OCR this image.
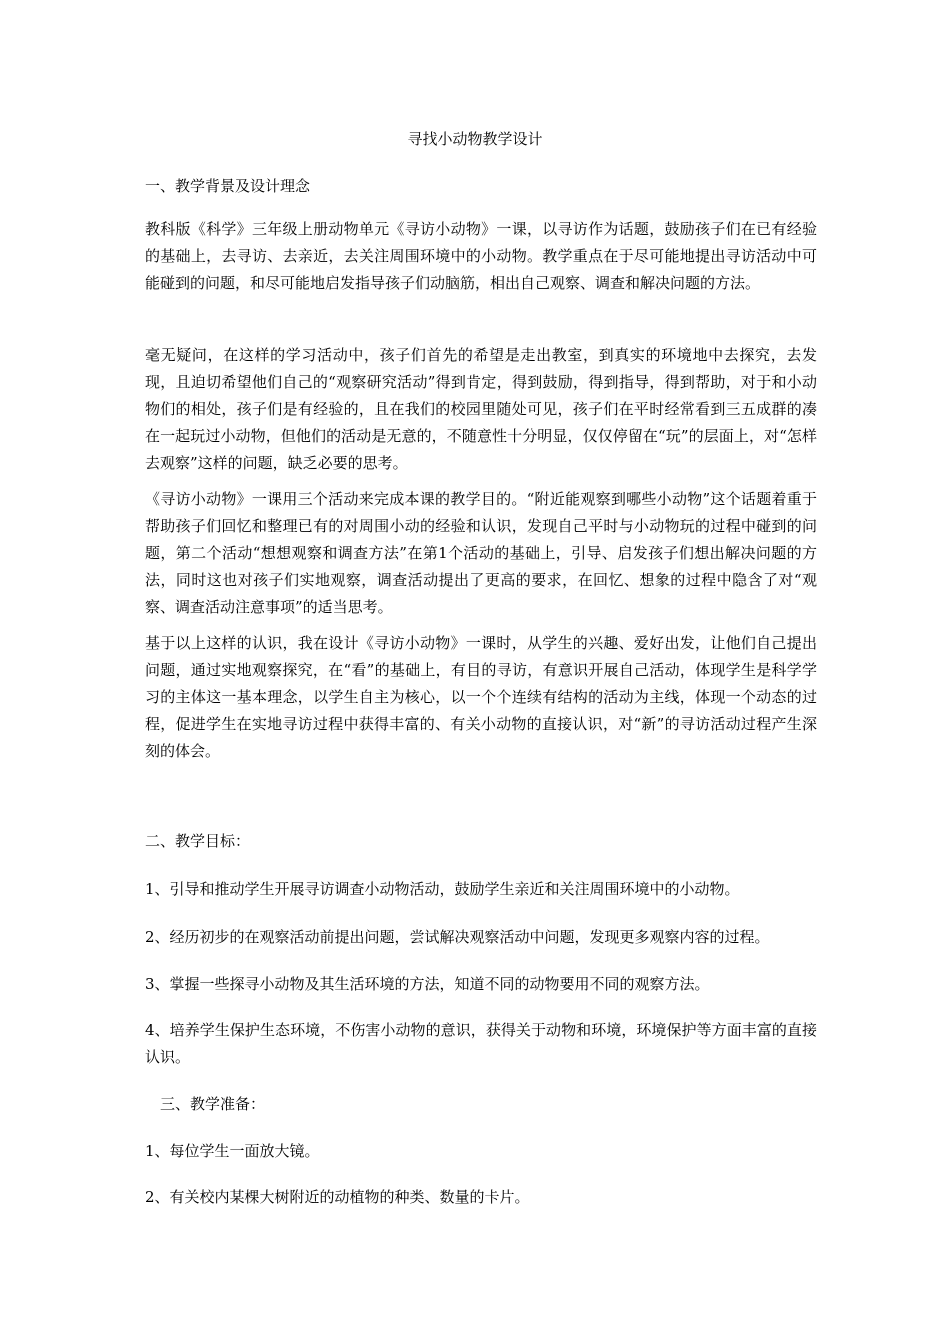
寻找小动物教学设计

一、教学背景及设计理念

教科版《科学》三年级上册动物单元《寻访小动物》一课，以寻访作为话题，鼓励孩子们在已有经验的基础上，去寻访、去亲近，去关注周围环境中的小动物。教学重点在于尽可能地提出寻访活动中可能碰到的问题，和尽可能地启发指导孩子们动脑筋，相出自己观察、调查和解决问题的方法。

毫无疑问，在这样的学习活动中，孩子们首先的希望是走出教室，到真实的环境地中去探究，去发现，且迫切希望他们自己的“观察研究活动”得到肯定，得到鼓励，得到指导，得到帮助，对于和小动物们的相处，孩子们是有经验的，且在我们的校园里随处可见，孩子们在平时经常看到三五成群的凑在一起玩过小动物，但他们的活动是无意的，不随意性十分明显，仅仅停留在“玩”的层面上，对“怎样去观察”这样的问题，缺乏必要的思考。

《寻访小动物》一课用三个活动来完成本课的教学目的。“附近能观察到哪些小动物”这个话题着重于帮助孩子们回忆和整理已有的对周围小动的经验和认识，发现自己平时与小动物玩的过程中碰到的问题，第二个活动“想想观察和调查方法”在第1个活动的基础上，引导、启发孩子们想出解决问题的方法，同时这也对孩子们实地观察，调查活动提出了更高的要求，在回忆、想象的过程中隐含了对“观察、调查活动注意事项”的适当思考。

基于以上这样的认识，我在设计《寻访小动物》一课时，从学生的兴趣、爱好出发，让他们自己提出问题，通过实地观察探究，在“看”的基础上，有目的寻访，有意识开展自己活动，体现学生是科学学习的主体这一基本理念，以学生自主为核心，以一个个连续有结构的活动为主线，体现一个动态的过程，促进学生在实地寻访过程中获得丰富的、有关小动物的直接认识，对“新”的寻访活动过程产生深刻的体会。

二、教学目标：

1、引导和推动学生开展寻访调查小动物活动，鼓励学生亲近和关注周围环境中的小动物。

2、经历初步的在观察活动前提出问题，尝试解决观察活动中问题，发现更多观察内容的过程。

3、掌握一些探寻小动物及其生活环境的方法，知道不同的动物要用不同的观察方法。

4、培养学生保护生态环境，不伤害小动物的意识，获得关于动物和环境，环境保护等方面丰富的直接认识。

三、教学准备：

1、每位学生一面放大镜。

2、有关校内某棵大树附近的动植物的种类、数量的卡片。
